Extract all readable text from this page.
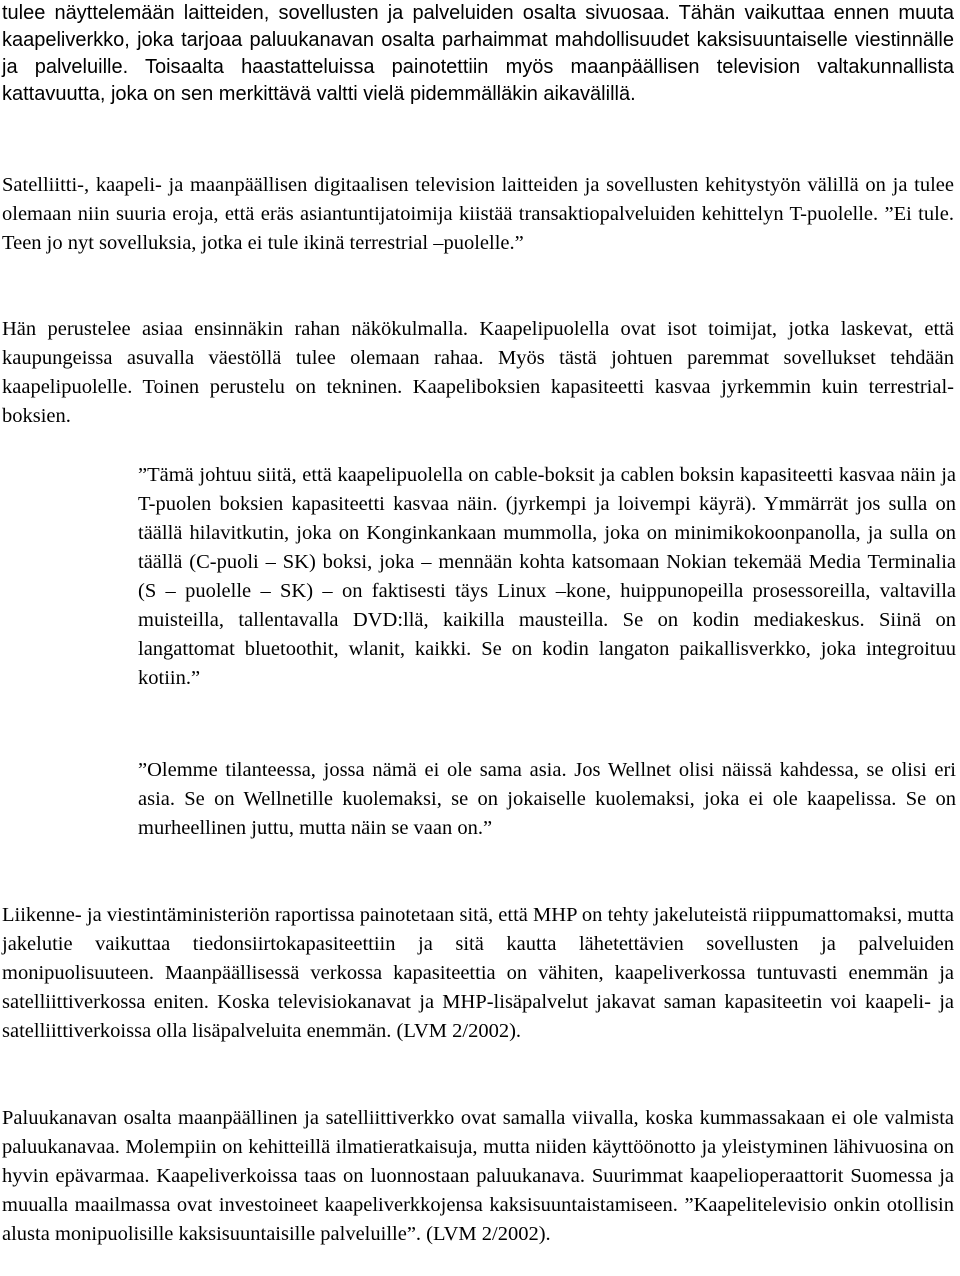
tulee näyttelemään laitteiden, sovellusten ja palveluiden osalta sivuosaa. Tähän vaikuttaa ennen muuta kaapeliverkko, joka tarjoaa paluukanavan osalta parhaimmat mahdollisuudet kaksisuuntaiselle viestinnälle ja palveluille. Toisaalta haastatteluissa painotettiin myös maanpäällisen television valtakunnallista kattavuutta, joka on sen merkittävä valtti vielä pidemmälläkin aikavälillä.

Satelliitti-, kaapeli- ja maanpäällisen digitaalisen television laitteiden ja sovellusten kehitystyön välillä on ja tulee olemaan niin suuria eroja, että eräs asiantuntijatoimija kiistää transaktiopalveluiden kehittelyn T-puolelle. ”Ei tule. Teen jo nyt sovelluksia, jotka ei tule ikinä terrestrial –puolelle.”

Hän perustelee asiaa ensinnäkin rahan näkökulmalla. Kaapelipuolella ovat isot toimijat, jotka laskevat, että kaupungeissa asuvalla väestöllä tulee olemaan rahaa. Myös tästä johtuen paremmat sovellukset tehdään kaapelipuolelle. Toinen perustelu on tekninen. Kaapeliboksien kapasiteetti kasvaa jyrkemmin kuin terrestrial-boksien.

”Tämä johtuu siitä, että kaapelipuolella on cable-boksit ja cablen boksin kapasiteetti kasvaa näin ja T-puolen boksien kapasiteetti kasvaa näin. (jyrkempi ja loivempi käyrä). Ymmärrät jos sulla on täällä hilavitkutin, joka on Konginkankaan mummolla, joka on minimikokoonpanolla, ja sulla on täällä (C-puoli – SK) boksi, joka – mennään kohta katsomaan Nokian tekemää Media Terminalia (S – puolelle – SK) – on faktisesti täys Linux –kone, huippunopeilla prosessoreilla, valtavilla muisteilla, tallentavalla DVD:llä, kaikilla mausteilla. Se on kodin mediakeskus. Siinä on langattomat bluetoothit, wlanit, kaikki. Se on kodin langaton paikallisverkko, joka integroituu kotiin.”

”Olemme tilanteessa, jossa nämä ei ole sama asia. Jos Wellnet olisi näissä kahdessa, se olisi eri asia. Se on Wellnetille kuolemaksi, se on jokaiselle kuolemaksi, joka ei ole kaapelissa. Se on murheellinen juttu, mutta näin se vaan on.”

Liikenne- ja viestintäministeriön raportissa painotetaan sitä, että MHP on tehty jakeluteistä riippumattomaksi, mutta jakelutie vaikuttaa tiedonsiirtokapasiteettiin ja sitä kautta lähetettävien sovellusten ja palveluiden monipuolisuuteen. Maanpäällisessä verkossa kapasiteettia on vähiten, kaapeliverkossa tuntuvasti enemmän ja satelliittiverkossa eniten. Koska televisiokanavat ja MHP-lisäpalvelut jakavat saman kapasiteetin voi kaapeli- ja satelliittiverkoissa olla lisäpalveluita enemmän. (LVM 2/2002).

Paluukanavan osalta maanpäällinen ja satelliittiverkko ovat samalla viivalla, koska kummassakaan ei ole valmista paluukanavaa. Molempiin on kehitteillä ilmatieratkaisuja, mutta niiden käyttöönotto ja yleistyminen lähivuosina on hyvin epävarmaa. Kaapeliverkoissa taas on luonnostaan paluukanava. Suurimmat kaapelioperaattorit Suomessa ja muualla maailmassa ovat investoineet kaapeliverkkojensa kaksisuuntaistamiseen. ”Kaapelitelevisio onkin otollisin alusta monipuolisille kaksisuuntaisille palveluille”. (LVM 2/2002).
